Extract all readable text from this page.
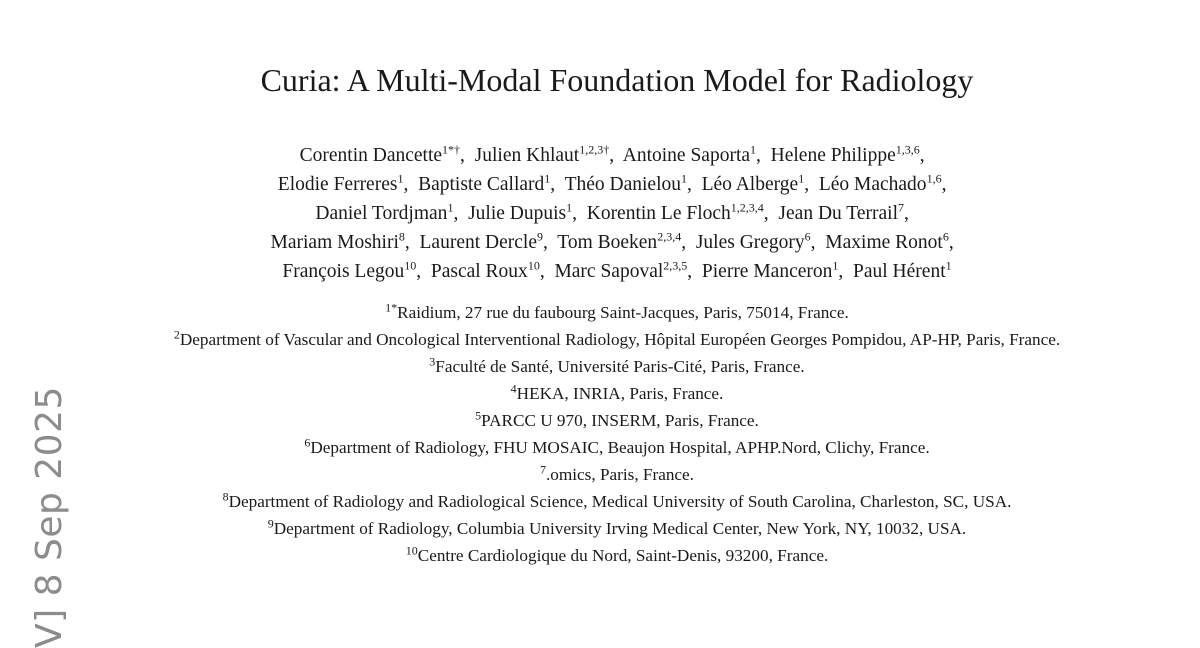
V] 8 Sep 2025
Curia: A Multi-Modal Foundation Model for Radiology
Corentin Dancette$^{1*\dagger}$,  Julien Khlaut$^{1,2,3\dagger}$,  Antoine Saporta$^1$,  Helene Philippe$^{1,3,6}$,
Elodie Ferreres$^1$,  Baptiste Callard$^1$,  Théo Danielou$^1$,  Léo Alberge$^1$,  Léo Machado$^{1,6}$,
Daniel Tordjman$^1$,  Julie Dupuis$^1$,  Korentin Le Floch$^{1,2,3,4}$,  Jean Du Terrail$^7$,
Mariam Moshiri$^8$,  Laurent Dercle$^9$,  Tom Boeken$^{2,3,4}$,  Jules Gregory$^6$,  Maxime Ronot$^6$,
François Legou$^{10}$,  Pascal Roux$^{10}$,  Marc Sapoval$^{2,3,5}$,  Pierre Manceron$^1$,  Paul Hérent$^1$
$^{1*}$Raidium, 27 rue du faubourg Saint-Jacques, Paris, 75014, France.
$^2$Department of Vascular and Oncological Interventional Radiology, Hôpital Européen Georges Pompidou, AP-HP, Paris, France.
$^3$Faculté de Santé, Université Paris-Cité, Paris, France.
$^4$HEKA, INRIA, Paris, France.
$^5$PARCC U 970, INSERM, Paris, France.
$^6$Department of Radiology, FHU MOSAIC, Beaujon Hospital, APHP.Nord, Clichy, France.
$^7$.omics, Paris, France.
$^8$Department of Radiology and Radiological Science, Medical University of South Carolina, Charleston, SC, USA.
$^9$Department of Radiology, Columbia University Irving Medical Center, New York, NY, 10032, USA.
$^{10}$Centre Cardiologique du Nord, Saint-Denis, 93200, France.
